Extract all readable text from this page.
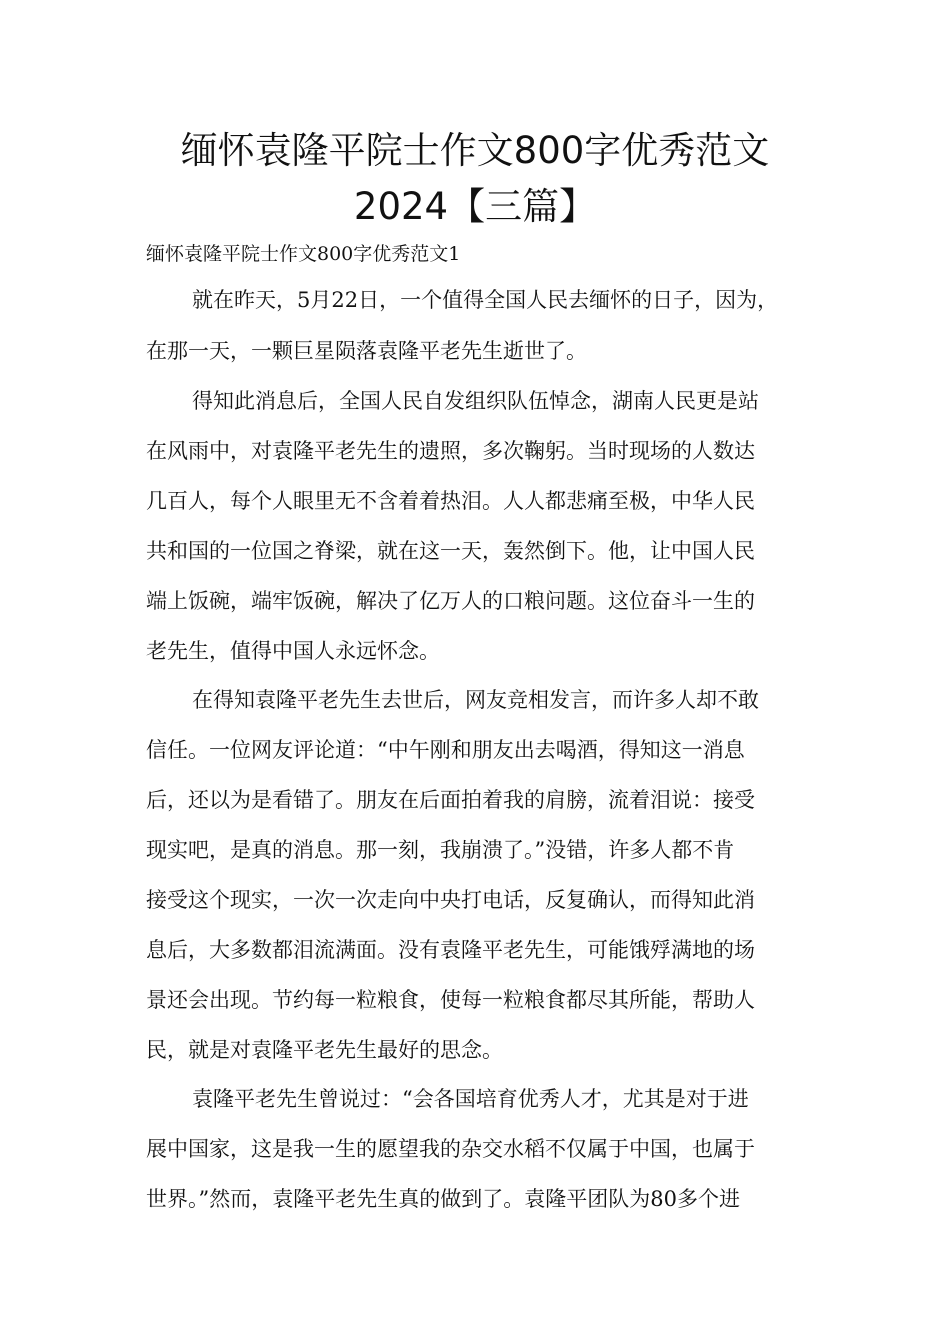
缅怀袁隆平院士作文800字优秀范文
2024【三篇】
缅怀袁隆平院士作文800字优秀范文1
就在昨天，5月22日，一个值得全国人民去缅怀的日子，因为，
在那一天，一颗巨星陨落袁隆平老先生逝世了。
得知此消息后，全国人民自发组织队伍悼念，湖南人民更是站
在风雨中，对袁隆平老先生的遗照，多次鞠躬。当时现场的人数达
几百人，每个人眼里无不含着着热泪。人人都悲痛至极，中华人民
共和国的一位国之脊梁，就在这一天，轰然倒下。他，让中国人民
端上饭碗，端牢饭碗，解决了亿万人的口粮问题。这位奋斗一生的
老先生，值得中国人永远怀念。
在得知袁隆平老先生去世后，网友竞相发言，而许多人却不敢
信任。一位网友评论道：“中午刚和朋友出去喝酒，得知这一消息
后，还以为是看错了。朋友在后面拍着我的肩膀，流着泪说：接受
现实吧，是真的消息。那一刻，我崩溃了。”没错，许多人都不肯
接受这个现实，一次一次走向中央打电话，反复确认，而得知此消
息后，大多数都泪流满面。没有袁隆平老先生，可能饿殍满地的场
景还会出现。节约每一粒粮食，使每一粒粮食都尽其所能，帮助人
民，就是对袁隆平老先生最好的思念。
袁隆平老先生曾说过：“会各国培育优秀人才，尤其是对于进
展中国家，这是我一生的愿望我的杂交水稻不仅属于中国，也属于
世界。”然而，袁隆平老先生真的做到了。袁隆平团队为80多个进
